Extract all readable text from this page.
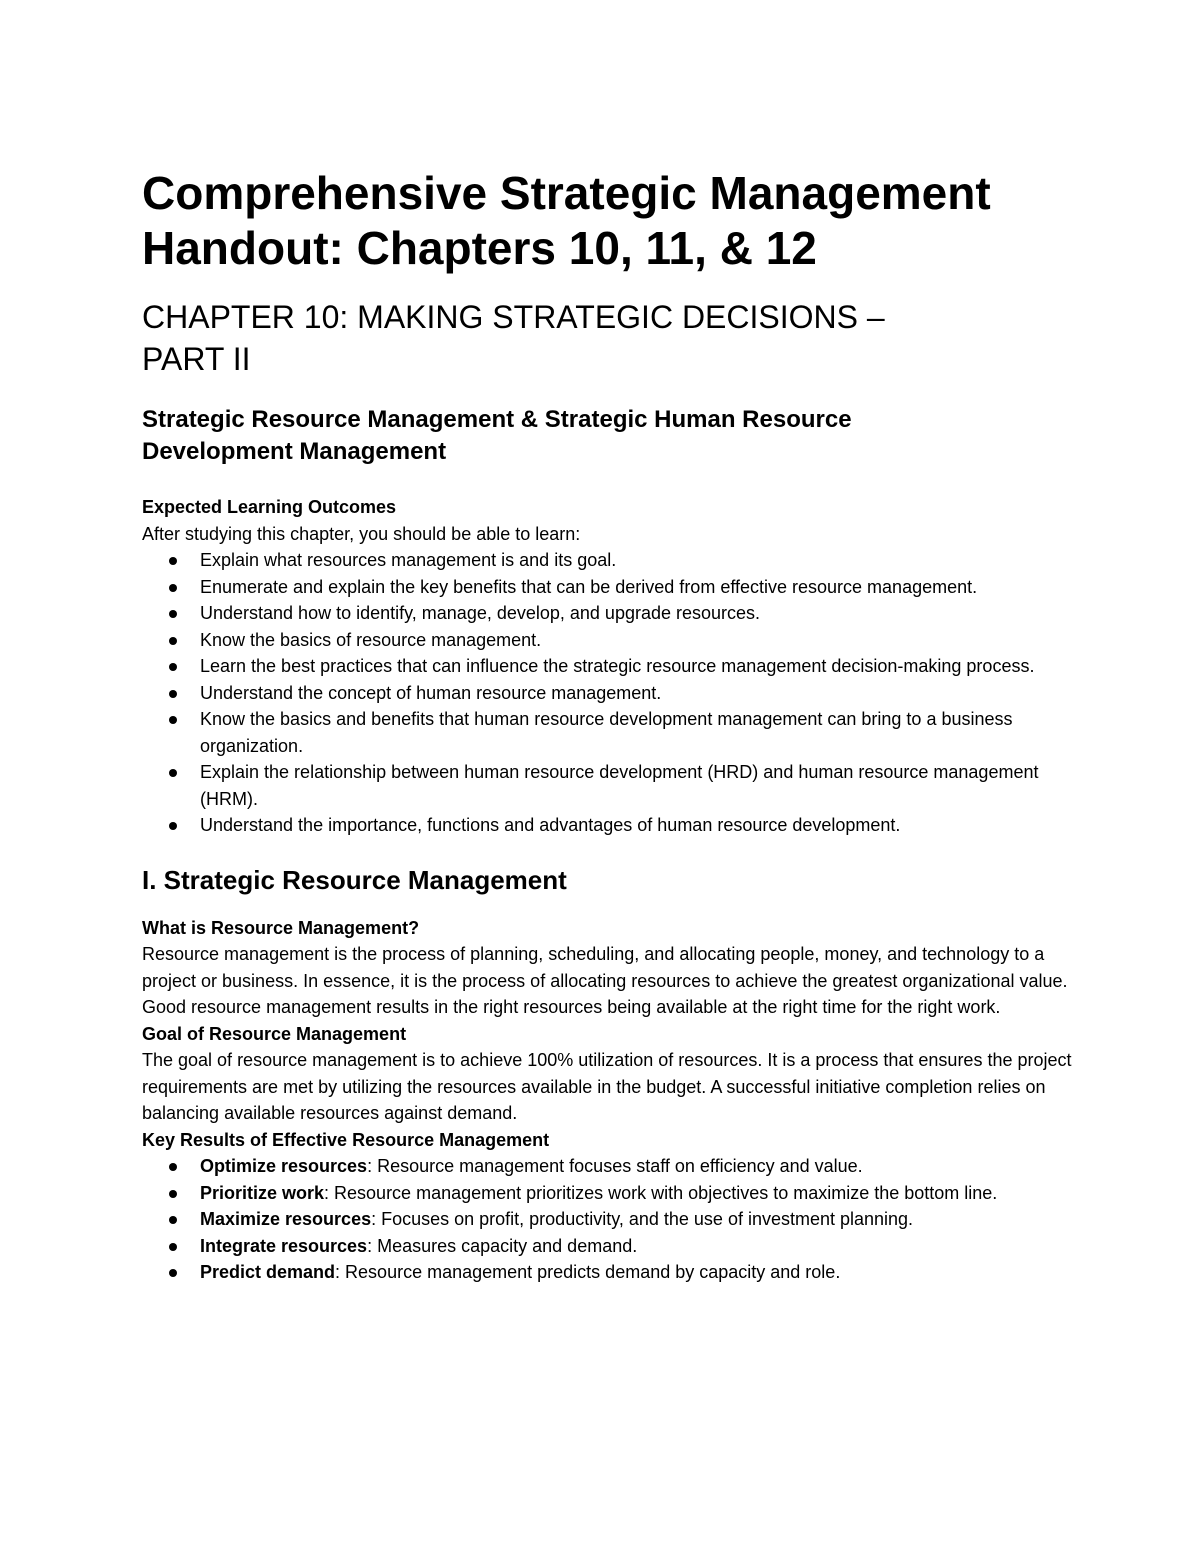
Comprehensive Strategic Management
Handout: Chapters 10, 11, & 12
CHAPTER 10: MAKING STRATEGIC DECISIONS –
PART II
Strategic Resource Management & Strategic Human Resource
Development Management
Expected Learning Outcomes

After studying this chapter, you should be able to learn:

Explain what resources management is and its goal.
Enumerate and explain the key benefits that can be derived from effective resource management.
Understand how to identify, manage, develop, and upgrade resources.
Know the basics of resource management.
Learn the best practices that can influence the strategic resource management decision-making process.
Understand the concept of human resource management.
Know the basics and benefits that human resource development management can bring to a business organization.
Explain the relationship between human resource development (HRD) and human resource management (HRM).
Understand the importance, functions and advantages of human resource development.
I. Strategic Resource Management
What is Resource Management?

Resource management is the process of planning, scheduling, and allocating people, money, and technology to a project or business. In essence, it is the process of allocating resources to achieve the greatest organizational value. Good resource management results in the right resources being available at the right time for the right work.

Goal of Resource Management

The goal of resource management is to achieve 100% utilization of resources. It is a process that ensures the project requirements are met by utilizing the resources available in the budget. A successful initiative completion relies on balancing available resources against demand.

Key Results of Effective Resource Management
Optimize resources: Resource management focuses staff on efficiency and value.
Prioritize work: Resource management prioritizes work with objectives to maximize the bottom line.
Maximize resources: Focuses on profit, productivity, and the use of investment planning.
Integrate resources: Measures capacity and demand.
Predict demand: Resource management predicts demand by capacity and role.
